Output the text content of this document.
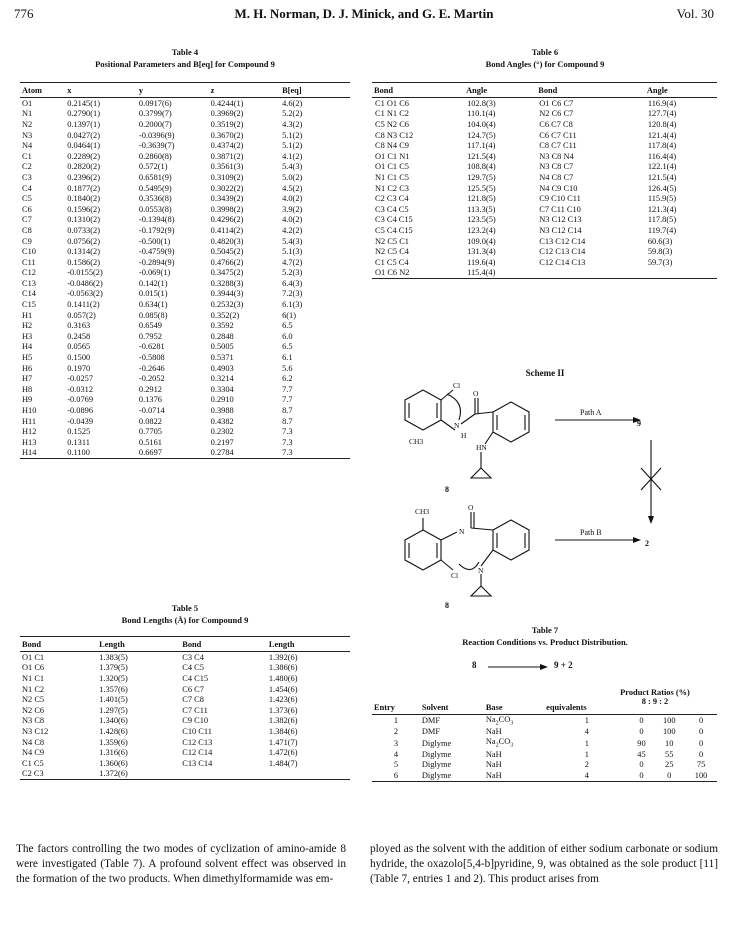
776	M. H. Norman, D. J. Minick, and G. E. Martin	Vol. 30
Table 4
Positional Parameters and B[eq] for Compound 9
Atom	x	y	z	B[eq]
O1	0.2145(1)	0.0917(6)	0.4244(1)	4.6(2)
N1	0.2790(1)	0.3799(7)	0.3969(2)	5.2(2)
N2	0.1397(1)	0.2000(7)	0.3519(2)	4.3(2)
N3	0.0427(2)	-0.0396(9)	0.3670(2)	5.1(2)
N4	0.0464(1)	-0.3639(7)	0.4374(2)	5.1(2)
C1	0.2289(2)	0.2860(8)	0.3871(2)	4.1(2)
C2	0.2820(2)	0.572(1)	0.3561(3)	5.4(3)
C3	0.2396(2)	0.6581(9)	0.3109(2)	5.0(2)
C4	0.1877(2)	0.5495(9)	0.3022(2)	4.5(2)
C5	0.1840(2)	0.3536(8)	0.3439(2)	4.0(2)
C6	0.1596(2)	0.0553(8)	0.3998(2)	3.9(2)
C7	0.1310(2)	-0.1394(8)	0.4296(2)	4.0(2)
C8	0.0733(2)	-0.1792(9)	0.4114(2)	4.2(2)
C9	0.0756(2)	-0.500(1)	0.4820(3)	5.4(3)
C10	0.1314(2)	-0.4759(9)	0.5045(2)	5.1(3)
C11	0.1586(2)	-0.2894(9)	0.4766(2)	4.7(2)
C12	-0.0155(2)	-0.069(1)	0.3475(2)	5.2(3)
C13	-0.0486(2)	0.142(1)	0.3288(3)	6.4(3)
C14	-0.0563(2)	0.015(1)	0.3944(3)	7.2(3)
C15	0.1411(2)	0.634(1)	0.2532(3)	6.1(3)
H1	0.057(2)	0.085(8)	0.352(2)	6(1)
H2	0.3163	0.6549	0.3592	6.5
H3	0.2458	0.7952	0.2848	6.0
H4	0.0565	-0.6281	0.5005	6.5
H5	0.1500	-0.5808	0.5371	6.1
H6	0.1970	-0.2646	0.4903	5.6
H7	-0.0257	-0.2052	0.3214	6.2
H8	-0.0312	0.2912	0.3304	7.7
H9	-0.0769	0.1376	0.2910	7.7
H10	-0.0896	-0.0714	0.3988	8.7
H11	-0.0439	0.0822	0.4382	8.7
H12	0.1525	0.7705	0.2302	7.3
H13	0.1311	0.5161	0.2197	7.3
H14	0.1100	0.6697	0.2784	7.3
Table 6
Bond Angles (°) for Compound 9
Bond	Angle	Bond	Angle
C1 O1 C6	102.8(3)	O1 C6 C7	116.9(4)
C1 N1 C2	110.1(4)	N2 C6 C7	127.7(4)
C5 N2 C6	104.0(4)	C6 C7 C8	120.8(4)
C8 N3 C12	124.7(5)	C6 C7 C11	121.4(4)
C8 N4 C9	117.1(4)	C8 C7 C11	117.8(4)
O1 C1 N1	121.5(4)	N3 C8 N4	116.4(4)
O1 C1 C5	108.8(4)	N3 C8 C7	122.1(4)
N1 C1 C5	129.7(5)	N4 C8 C7	121.5(4)
N1 C2 C3	125.5(5)	N4 C9 C10	126.4(5)
C2 C3 C4	121.8(5)	C9 C10 C11	115.9(5)
C3 C4 C5	113.3(5)	C7 C11 C10	121.3(4)
C3 C4 C15	123.5(5)	N3 C12 C13	117.8(5)
C5 C4 C15	123.2(4)	N3 C12 C14	119.7(4)
N2 C5 C1	109.0(4)	C13 C12 C14	60.6(3)
N2 C5 C4	131.3(4)	C12 C13 C14	59.8(3)
C1 C5 C4	119.6(4)	C12 C14 C13	59.7(3)
O1 C6 N2	115.4(4)		
Scheme II
Cl
O
N
H
HN
CH3
CH3	O
N
Cl
N
8
8
9
2
Path A
Path B
Table 5
Bond Lengths (Å) for Compound 9
Bond	Length	Bond	Length
O1 C1	1.383(5)	C3 C4	1.392(6)
O1 C6	1.379(5)	C4 C5	1.386(6)
N1 C1	1.320(5)	C4 C15	1.480(6)
N1 C2	1.357(6)	C6 C7	1.454(6)
N2 C5	1.401(5)	C7 C8	1.423(6)
N2 C6	1.297(5)	C7 C11	1.373(6)
N3 C8	1.340(6)	C9 C10	1.382(6)
N3 C12	1.428(6)	C10 C11	1.384(6)
N4 C8	1.359(6)	C12 C13	1.471(7)
N4 C9	1.316(6)	C12 C14	1.472(6)
C1 C5	1.360(6)	C13 C14	1.484(7)
C2 C3	1.372(6)		
Table 7
Reaction Conditions vs. Product Distribution.
8	9 + 2
Product Ratios (%)
8 : 9 : 2
Entry	Solvent	Base	equivalents			
1	DMF	$Na_2CO_3$	1	0	100	0
2	DMF	NaH	4	0	100	0
3	Diglyme	$Na_2CO_3$	1	90	10	0
4	Diglyme	NaH	1	45	55	0
5	Diglyme	NaH	2	0	25	75
6	Diglyme	NaH	4	0	0	100
The factors controlling the two modes of cyclization of amino-amide 8 were investigated (Table 7). A profound solvent effect was observed in the formation of the two products. When dimethylformamide was em-
ployed as the solvent with the addition of either sodium carbonate or sodium hydride, the oxazolo[5,4-b]pyridine, 9, was obtained as the sole product [11] (Table 7, entries 1 and 2). This product arises from
